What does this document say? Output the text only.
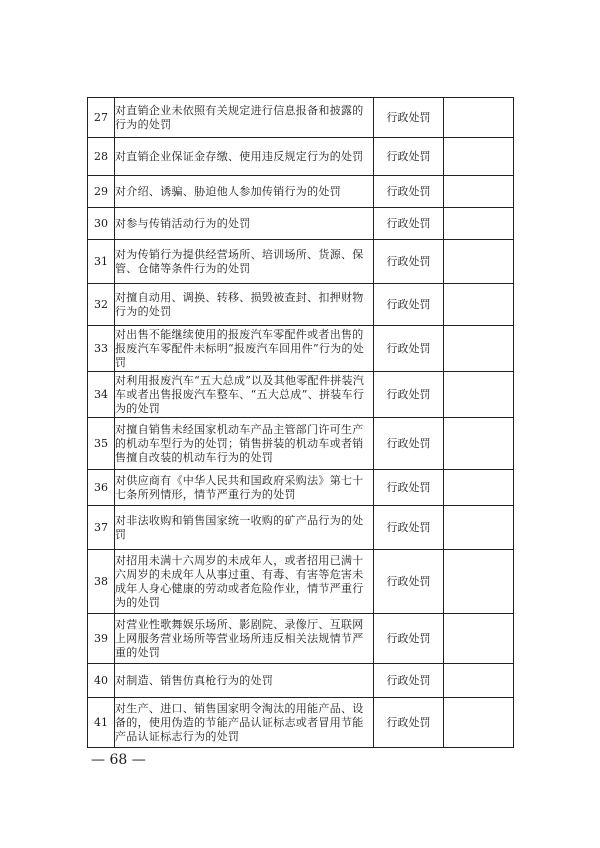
27	对直销企业未依照有关规定进行信息报备和披露的行为的处罚	行政处罚	
28	对直销企业保证金存缴、使用违反规定行为的处罚	行政处罚	
29	对介绍、诱骗、胁迫他人参加传销行为的处罚	行政处罚	
30	对参与传销活动行为的处罚	行政处罚	
31	对为传销行为提供经营场所、培训场所、货源、保管、仓储等条件行为的处罚	行政处罚	
32	对擅自动用、调换、转移、损毁被查封、扣押财物行为的处罚	行政处罚	
33	对出售不能继续使用的报废汽车零配件或者出售的报废汽车零配件未标明“报废汽车回用件”行为的处罚	行政处罚	
34	对利用报废汽车“五大总成”以及其他零配件拼装汽车或者出售报废汽车整车、“五大总成”、拼装车行为的处罚	行政处罚	
35	对擅自销售未经国家机动车产品主管部门许可生产的机动车型行为的处罚；销售拼装的机动车或者销售擅自改装的机动车行为的处罚	行政处罚	
36	对供应商有《中华人民共和国政府采购法》第七十七条所列情形，情节严重行为的处罚	行政处罚	
37	对非法收购和销售国家统一收购的矿产品行为的处罚	行政处罚	
38	对招用未满十六周岁的未成年人，或者招用已满十六周岁的未成年人从事过重、有毒、有害等危害未成年人身心健康的劳动或者危险作业，情节严重行为的处罚	行政处罚	
39	对营业性歌舞娱乐场所、影剧院、录像厅、互联网上网服务营业场所等营业场所违反相关法规情节严重的处罚	行政处罚	
40	对制造、销售仿真枪行为的处罚	行政处罚	
41	对生产、进口、销售国家明令淘汰的用能产品、设备的，使用伪造的节能产品认证标志或者冒用节能产品认证标志行为的处罚	行政处罚	
— 68 —
